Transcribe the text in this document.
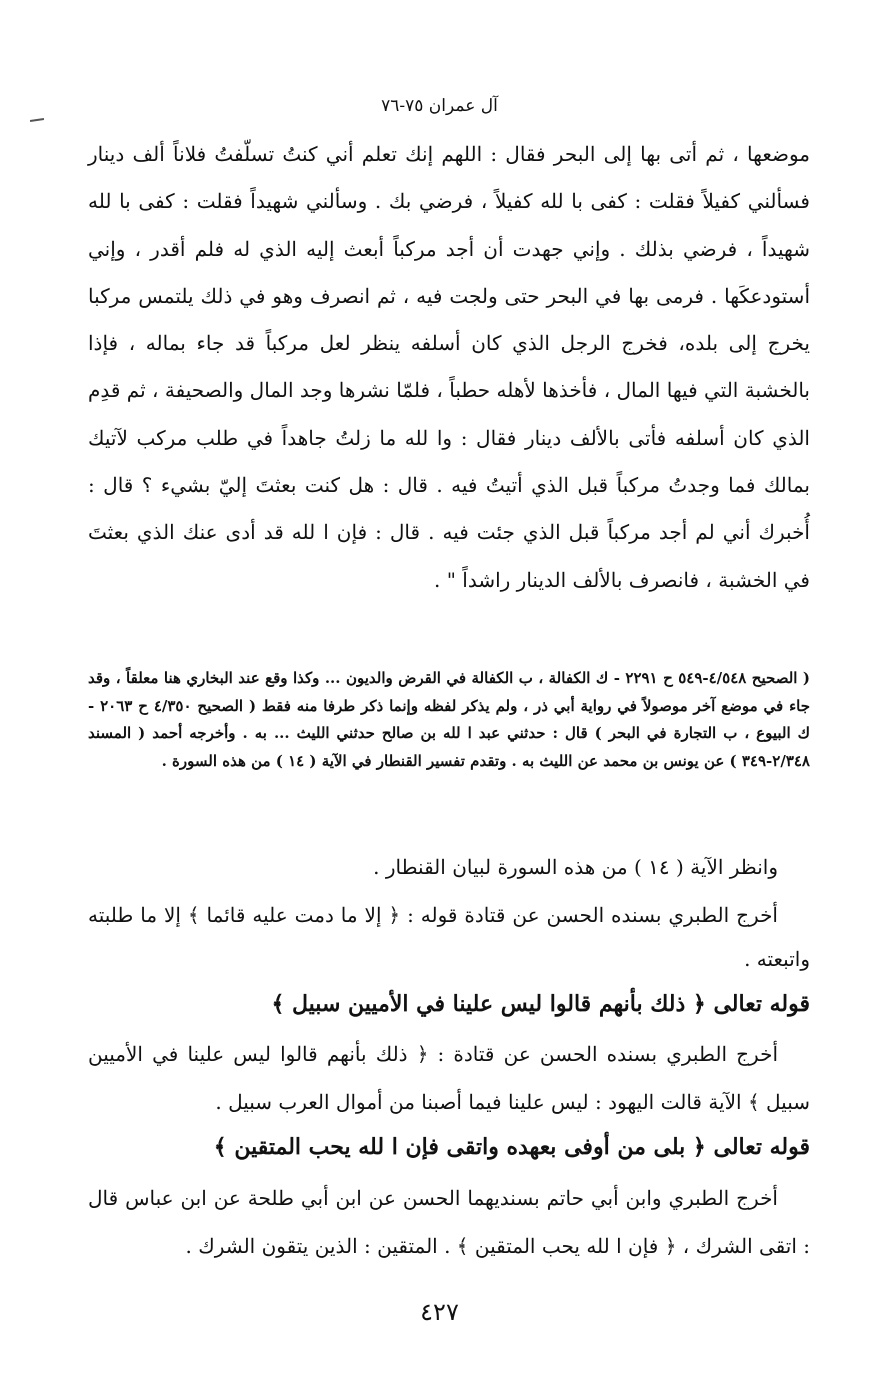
آل عمران ٧٥-٧٦

موضعها ، ثم أتى بها إلى البحر فقال : اللهم إنك تعلم أني كنتُ تسلّفتُ فلاناً ألف دينار فسألني كفيلاً فقلت : كفى با لله كفيلاً ، فرضي بك . وسألني شهيداً فقلت : كفى با لله شهيداً ، فرضي بذلك . وإني جهدت أن أجد مركباً أبعث إليه الذي له فلم أقدر ، وإني أستودعكَها . فرمى بها في البحر حتى ولجت فيه ، ثم انصرف وهو في ذلك يلتمس مركبا يخرج إلى بلده، فخرج الرجل الذي كان أسلفه ينظر لعل مركباً قد جاء بماله ، فإذا بالخشبة التي فيها المال ، فأخذها لأهله حطباً ، فلمّا نشرها وجد المال والصحيفة ، ثم قدِم الذي كان أسلفه فأتى بالألف دينار فقال : وا لله ما زلتُ جاهداً في طلب مركب لآتيك بمالك فما وجدتُ مركباً قبل الذي أتيتُ فيه . قال : هل كنت بعثتَ إليّ بشيء ؟ قال : أُخبرك أني لم أجد مركباً قبل الذي جئت فيه . قال : فإن ا لله قد أدى عنك الذي بعثتَ في الخشبة ، فانصرف بالألف الدينار راشداً " .

( الصحيح ٤/٥٤٨-٥٤٩ ح ٢٢٩١ - ك الكفالة ، ب الكفالة في القرض والديون ... وكذا وقع عند البخاري هنا معلقاً ، وقد جاء في موضع آخر موصولاً في رواية أبي ذر ، ولم يذكر لفظه وإنما ذكر طرفا منه فقط ( الصحيح ٤/٣٥٠ ح ٢٠٦٣ - ك البيوع ، ب التجارة في البحر ) قال : حدثني عبد ا لله بن صالح حدثني الليث ... به . وأخرجه أحمد ( المسند ٢/٣٤٨-٣٤٩ ) عن يونس بن محمد عن الليث به . وتقدم تفسير القنطار في الآية ( ١٤ ) من هذه السورة .

وانظر الآية ( ١٤ ) من هذه السورة لبيان القنطار .

أخرج الطبري بسنده الحسن عن قتادة قوله : ﴿ إلا ما دمت عليه قائما ﴾ إلا ما طلبته واتبعته .

قوله تعالى ﴿ ذلك بأنهم قالوا ليس علينا في الأميين سبيل ﴾
أخرج الطبري بسنده الحسن عن قتادة : ﴿ ذلك بأنهم قالوا ليس علينا في الأميين سبيل ﴾ الآية قالت اليهود : ليس علينا فيما أصبنا من أموال العرب سبيل .
قوله تعالى ﴿ بلى من أوفى بعهده واتقى فإن ا لله يحب المتقين ﴾
أخرج الطبري وابن أبي حاتم بسنديهما الحسن عن ابن أبي طلحة عن ابن عباس قال : اتقى الشرك ، ﴿ فإن ا لله يحب المتقين ﴾ . المتقين : الذين يتقون الشرك .
٤٢٧
